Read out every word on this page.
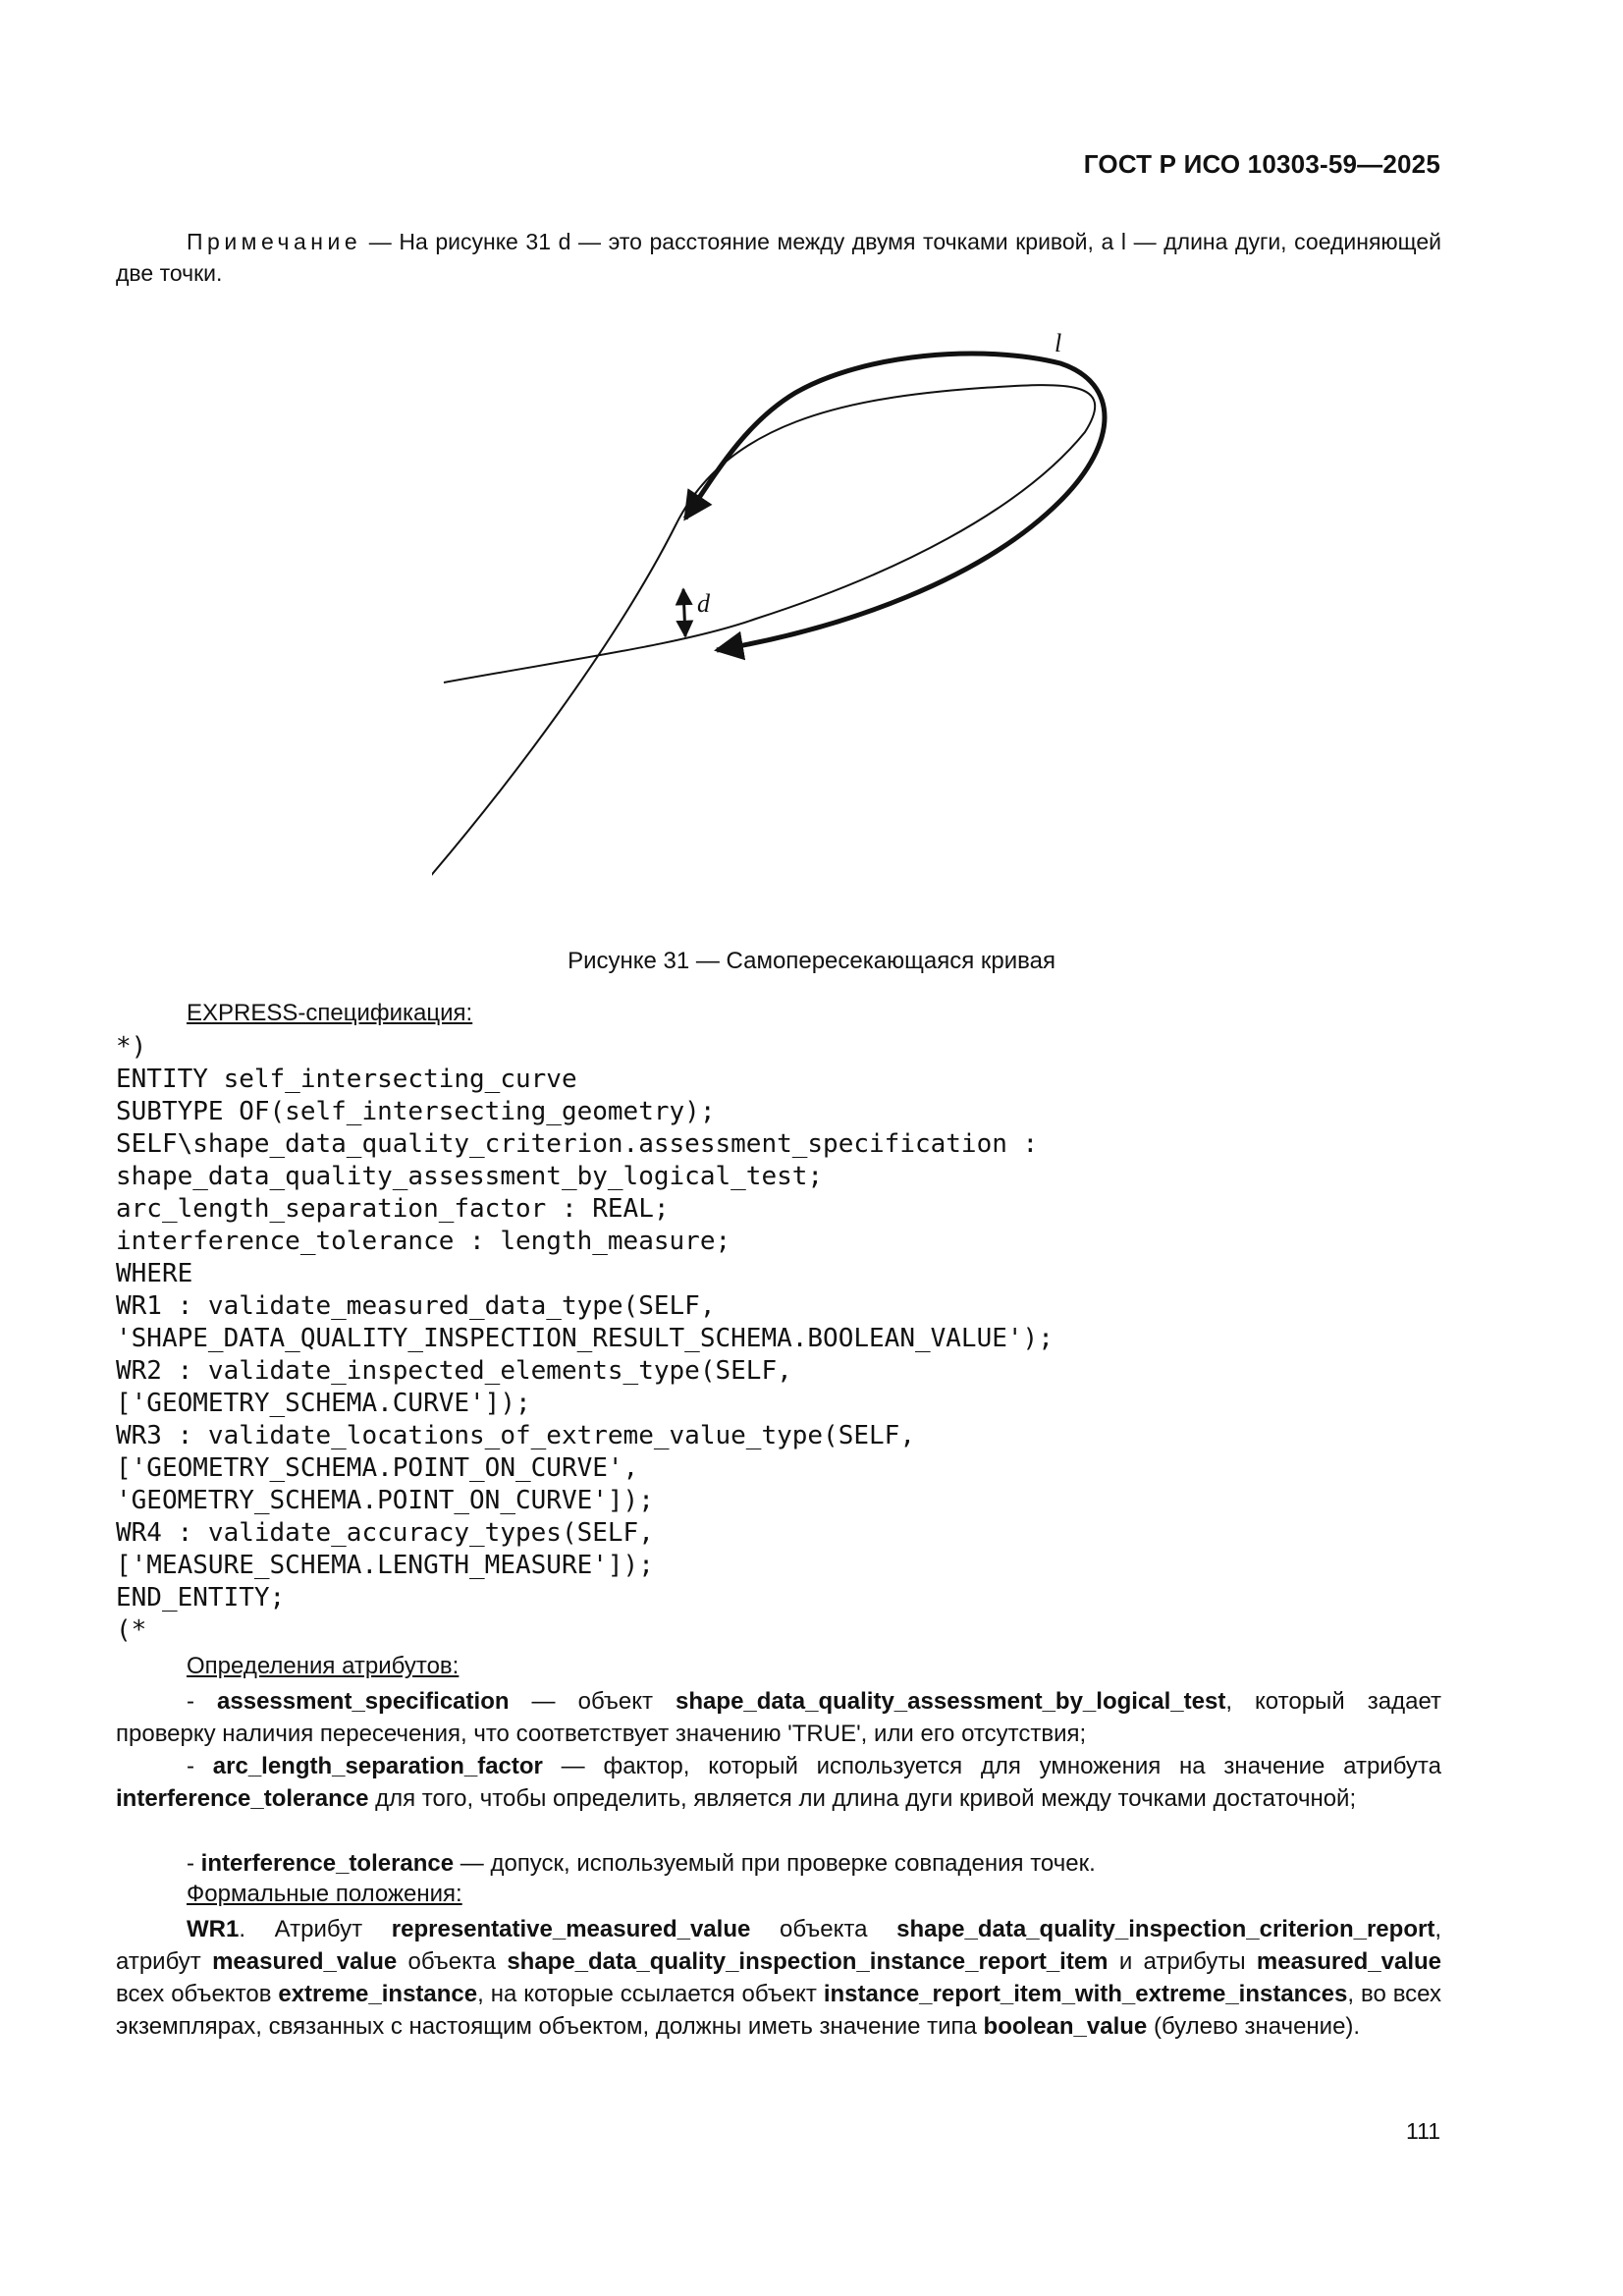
ГОСТ Р ИСО 10303-59—2025
Примечание — На рисунке 31 d — это расстояние между двумя точками кривой, а l — длина дуги, соединяющей две точки.
l
d
Рисунке 31 — Самопересекающаяся кривая
EXPRESS-спецификация:
*)
ENTITY self_intersecting_curve
SUBTYPE OF(self_intersecting_geometry);
SELF\shape_data_quality_criterion.assessment_specification :
shape_data_quality_assessment_by_logical_test;
arc_length_separation_factor : REAL;
interference_tolerance : length_measure;
WHERE
WR1 : validate_measured_data_type(SELF,
'SHAPE_DATA_QUALITY_INSPECTION_RESULT_SCHEMA.BOOLEAN_VALUE');
WR2 : validate_inspected_elements_type(SELF,
['GEOMETRY_SCHEMA.CURVE']);
WR3 : validate_locations_of_extreme_value_type(SELF,
['GEOMETRY_SCHEMA.POINT_ON_CURVE',
'GEOMETRY_SCHEMA.POINT_ON_CURVE']);
WR4 : validate_accuracy_types(SELF,
['MEASURE_SCHEMA.LENGTH_MEASURE']);
END_ENTITY;
(*
Определения атрибутов:
- assessment_specification — объект shape_data_quality_assessment_by_logical_test, который задает проверку наличия пересечения, что соответствует значению 'TRUE', или его отсутствия;
- arc_length_separation_factor — фактор, который используется для умножения на значение атрибута interference_tolerance для того, чтобы определить, является ли длина дуги кривой между точками достаточной;
- interference_tolerance — допуск, используемый при проверке совпадения точек.
Формальные положения:
WR1. Атрибут representative_measured_value объекта shape_data_quality_inspection_criterion_report, атрибут measured_value объекта shape_data_quality_inspection_instance_report_item и атрибуты measured_value всех объектов extreme_instance, на которые ссылается объект instance_report_item_with_extreme_instances, во всех экземплярах, связанных с настоящим объектом, должны иметь значение типа boolean_value (булево значение).
111
